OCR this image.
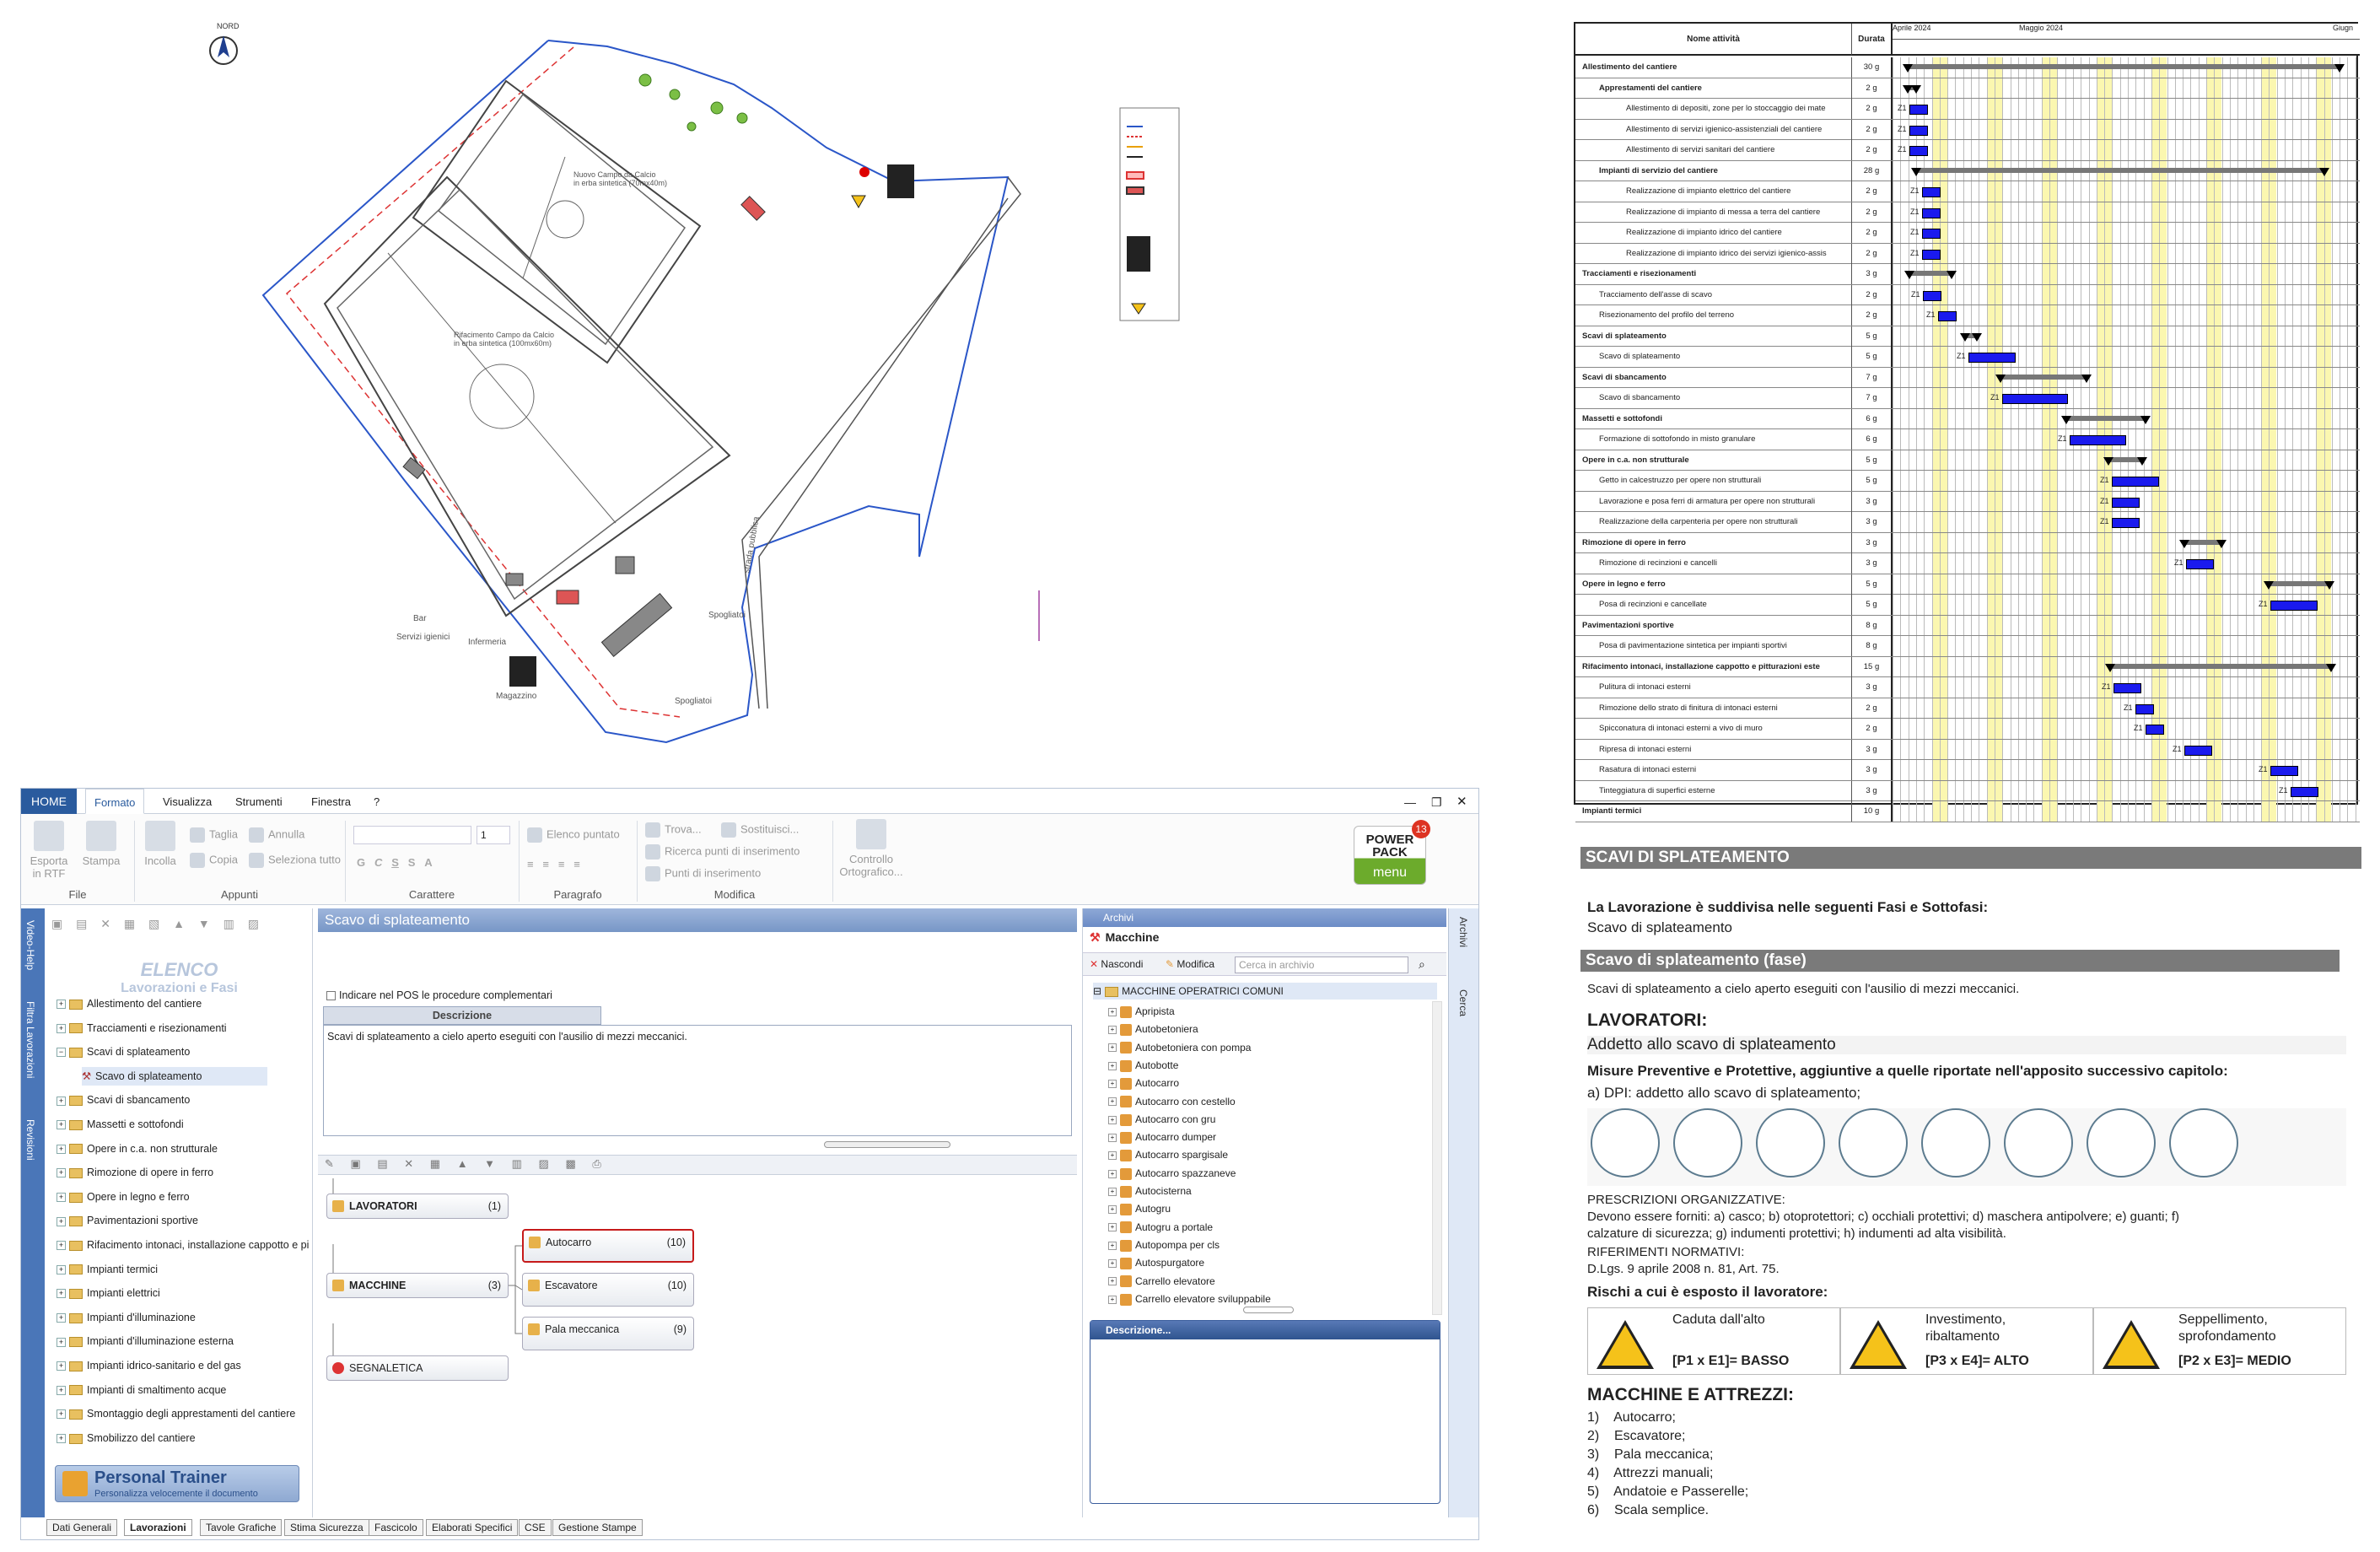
NORD
Nuovo Campo da Calcio
in erba sintetica (70mx40m)
Rifacimento Campo da Calcio
in erba sintetica (100mx60m)
Bar
Servizi igienici
Infermeria
Spogliatoi
Spogliatoi
Magazzino
strada pubblica
Nome attività	Durata
Aprile 2024	Maggio 2024	Giugn
Allestimento del cantiere	30 g
Apprestamenti del cantiere	2 g
Allestimento di depositi, zone per lo stoccaggio dei mate	2 g	Z1
Allestimento di servizi igienico-assistenziali del cantiere	2 g	Z1
Allestimento di servizi sanitari del cantiere	2 g	Z1
Impianti di servizio del cantiere	28 g
Realizzazione di impianto elettrico del cantiere	2 g	Z1
Realizzazione di impianto di messa a terra del cantiere	2 g	Z1
Realizzazione di impianto idrico del cantiere	2 g	Z1
Realizzazione di impianto idrico dei servizi igienico-assis	2 g	Z1
Tracciamenti e risezionamenti	3 g
Tracciamento dell'asse di scavo	2 g	Z1
Risezionamento del profilo del terreno	2 g	Z1
Scavi di splateamento	5 g
Scavo di splateamento	5 g	Z1
Scavi di sbancamento	7 g
Scavo di sbancamento	7 g	Z1
Massetti e sottofondi	6 g
Formazione di sottofondo in misto granulare	6 g	Z1
Opere in c.a. non strutturale	5 g
Getto in calcestruzzo per opere non strutturali	5 g	Z1
Lavorazione e posa ferri di armatura per opere non strutturali	3 g	Z1
Realizzazione della carpenteria per opere non strutturali	3 g	Z1
Rimozione di opere in ferro	3 g
Rimozione di recinzioni e cancelli	3 g	Z1
Opere in legno e ferro	5 g
Posa di recinzioni e cancellate	5 g	Z1
Pavimentazioni sportive	8 g
Posa di pavimentazione sintetica per impianti sportivi	8 g
Rifacimento intonaci, installazione cappotto e pitturazioni este	15 g
Pulitura di intonaci esterni	3 g	Z1
Rimozione dello strato di finitura di intonaci esterni	2 g	Z1
Spicconatura di intonaci esterni a vivo di muro	2 g	Z1
Ripresa di intonaci esterni	3 g	Z1
Rasatura di intonaci esterni	3 g	Z1
Tinteggiatura di superfici esterne	3 g	Z1
Impianti termici	10 g
HOME	Formato	Visualizza Strumenti	Finestra ?	— ❐ ✕
Esporta in RTF
Stampa	Incolla
Taglia	Annulla
Copia	Seleziona tutto
1
G   C S   S   A
Elenco puntato
≡   ≡   ≡   ≡
Trova...	Sostituisci...
Ricerca punti di inserimento
Punti di inserimento
Controllo Ortografico...
File	Appunti	Carattere	Paragrafo	Modifica
POWER
PACK
menu
13
Video-Help
Filtra Lavorazioni
Revisioni
▣ ▤ ✕ ▦ ▧ ▲ ▼ ▥ ▨
ELENCO
Lavorazioni e Fasi
+ Allestimento del cantiere
+ Tracciamenti e risezionamenti
− Scavi di splateamento
⚒ Scavo di splateamento
+ Scavi di sbancamento
+ Massetti e sottofondi
+ Opere in c.a. non strutturale
+ Rimozione di opere in ferro
+ Opere in legno e ferro
+ Pavimentazioni sportive
+ Rifacimento intonaci, installazione cappotto e pi
+ Impianti termici
+ Impianti elettrici
+ Impianti d'illuminazione
+ Impianti d'illuminazione esterna
+ Impianti idrico-sanitario e del gas
+ Impianti di smaltimento acque
+ Smontaggio degli apprestamenti del cantiere
+ Smobilizzo del cantiere
Personal Trainer
Personalizza velocemente il documento
Scavo di splateamento
Indicare nel POS le procedure complementari
Descrizione
Scavi di splateamento a cielo aperto eseguiti con l'ausilio di mezzi meccanici.
✎ ▣ ▤ ✕ ▦ ▲ ▼ ▥ ▨ ▩ ⎙
LAVORATORI	(1)
MACCHINE	(3)
SEGNALETICA
Autocarro	(10)
Escavatore	(10)
Pala meccanica	(9)
Archivi
⚒ Macchine
✕ Nascondi ✎ Modifica	Cerca in archivio	⌕
⊟ MACCHINE OPERATRICI COMUNI
+ Apripista
+ Autobetoniera
+ Autobetoniera con pompa
+ Autobotte
+ Autocarro
+ Autocarro con cestello
+ Autocarro con gru
+ Autocarro dumper
+ Autocarro spargisale
+ Autocarro spazzaneve
+ Autocisterna
+ Autogru
+ Autogru a portale
+ Autopompa per cls
+ Autospurgatore
+ Carrello elevatore
+ Carrello elevatore sviluppabile
Descrizione...
Archivi
Cerca
Dati Generali	Lavorazioni	Tavole Grafiche	Stima Sicurezza	Fascicolo	Elaborati Specifici	CSE	Gestione Stampe
SCAVI DI SPLATEAMENTO
La Lavorazione è suddivisa nelle seguenti Fasi e Sottofasi:
Scavo di splateamento
Scavo di splateamento (fase)
Scavi di splateamento a cielo aperto eseguiti con l'ausilio di mezzi meccanici.
LAVORATORI:
Addetto allo scavo di splateamento
Misure Preventive e Protettive, aggiuntive a quelle riportate nell'apposito successivo capitolo:
a) DPI: addetto allo scavo di splateamento;
PRESCRIZIONI ORGANIZZATIVE:
Devono essere forniti: a) casco; b) otoprotettori; c) occhiali protettivi; d) maschera antipolvere; e) guanti; f)
calzature di sicurezza; g) indumenti protettivi; h) indumenti ad alta visibilità.
RIFERIMENTI NORMATIVI:
D.Lgs. 9 aprile 2008 n. 81, Art. 75.
Rischi a cui è esposto il lavoratore:
Caduta dall'alto
[P1 x E1]= BASSO
Investimento,
ribaltamento
[P3 x E4]= ALTO
Seppellimento,
sprofondamento
[P2 x E3]= MEDIO
MACCHINE E ATTREZZI:
1)    Autocarro;
2)    Escavatore;
3)    Pala meccanica;
4)    Attrezzi manuali;
5)    Andatoie e Passerelle;
6)    Scala semplice.
